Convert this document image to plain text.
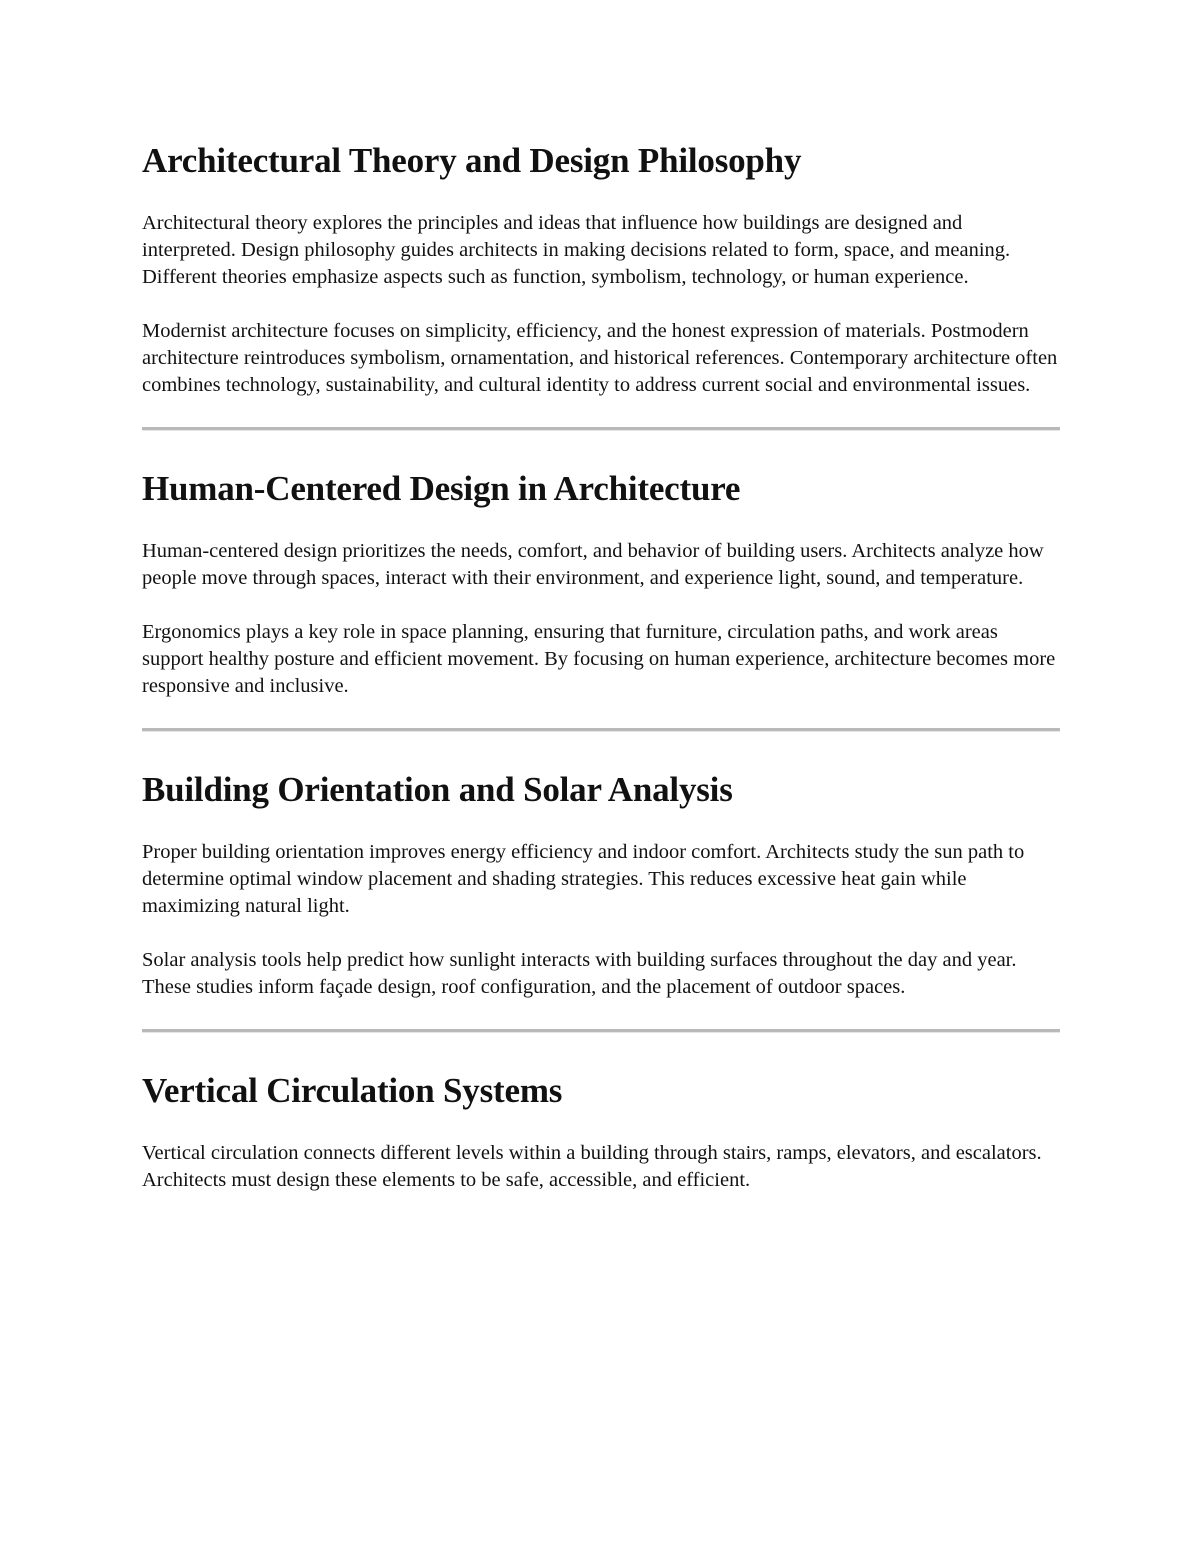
Architectural Theory and Design Philosophy

Architectural theory explores the principles and ideas that influence how buildings are designed and interpreted. Design philosophy guides architects in making decisions related to form, space, and meaning. Different theories emphasize aspects such as function, symbolism, technology, or human experience.

Modernist architecture focuses on simplicity, efficiency, and the honest expression of materials. Postmodern architecture reintroduces symbolism, ornamentation, and historical references. Contemporary architecture often combines technology, sustainability, and cultural identity to address current social and environmental issues.

Human-Centered Design in Architecture

Human-centered design prioritizes the needs, comfort, and behavior of building users. Architects analyze how people move through spaces, interact with their environment, and experience light, sound, and temperature.

Ergonomics plays a key role in space planning, ensuring that furniture, circulation paths, and work areas support healthy posture and efficient movement. By focusing on human experience, architecture becomes more responsive and inclusive.

Building Orientation and Solar Analysis

Proper building orientation improves energy efficiency and indoor comfort. Architects study the sun path to determine optimal window placement and shading strategies. This reduces excessive heat gain while maximizing natural light.

Solar analysis tools help predict how sunlight interacts with building surfaces throughout the day and year. These studies inform façade design, roof configuration, and the placement of outdoor spaces.

Vertical Circulation Systems

Vertical circulation connects different levels within a building through stairs, ramps, elevators, and escalators. Architects must design these elements to be safe, accessible, and efficient.
